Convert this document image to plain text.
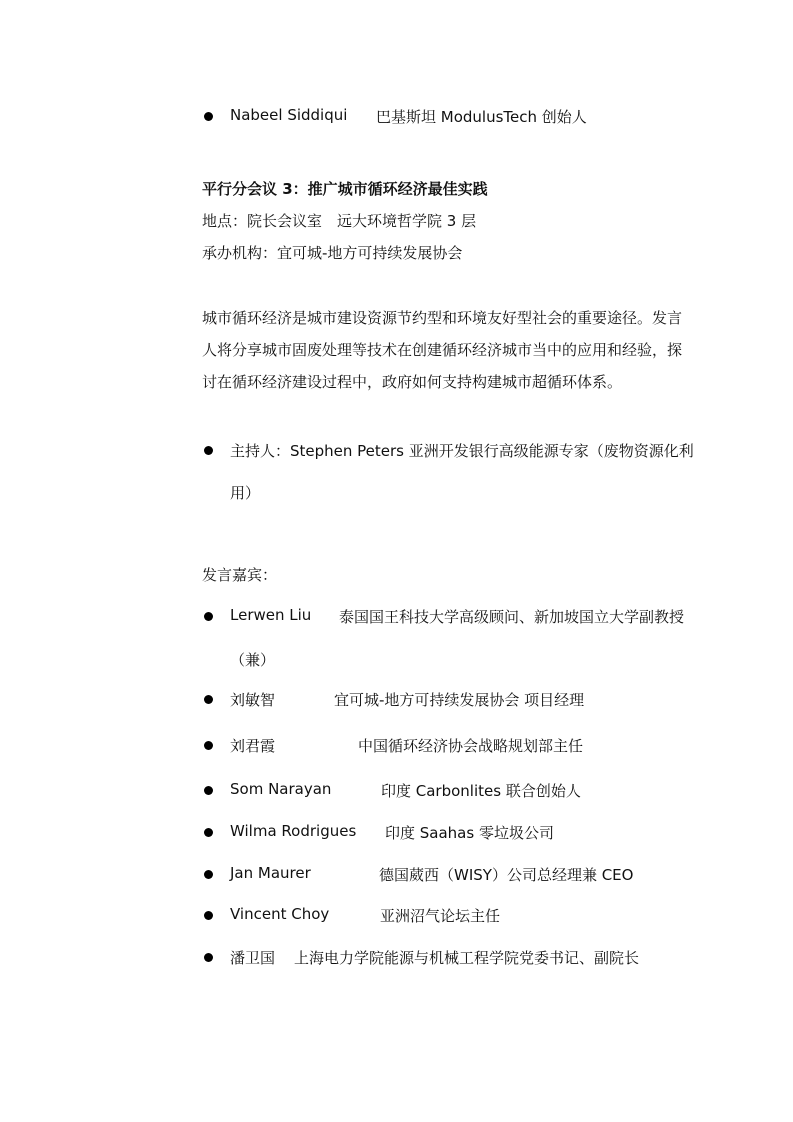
Nabeel Siddiqui 巴基斯坦 ModulusTech 创始人
平行分会议 3：推广城市循环经济最佳实践
地点：院长会议室　远大环境哲学院 3 层
承办机构：宜可城-地方可持续发展协会
城市循环经济是城市建设资源节约型和环境友好型社会的重要途径。发言
人将分享城市固废处理等技术在创建循环经济城市当中的应用和经验，探
讨在循环经济建设过程中，政府如何支持构建城市超循环体系。
主持人：Stephen Peters 亚洲开发银行高级能源专家（废物资源化利
用）
发言嘉宾：
Lerwen Liu 泰国国王科技大学高级顾问、新加坡国立大学副教授
（兼）
刘敏智	宜可城-地方可持续发展协会 项目经理
刘君霞	中国循环经济协会战略规划部主任
Som Narayan	印度 Carbonlites 联合创始人
Wilma Rodrigues 印度 Saahas 零垃圾公司
Jan Maurer	德国葳西（WISY）公司总经理兼 CEO
Vincent Choy	亚洲沼气论坛主任
潘卫国 上海电力学院能源与机械工程学院党委书记、副院长
